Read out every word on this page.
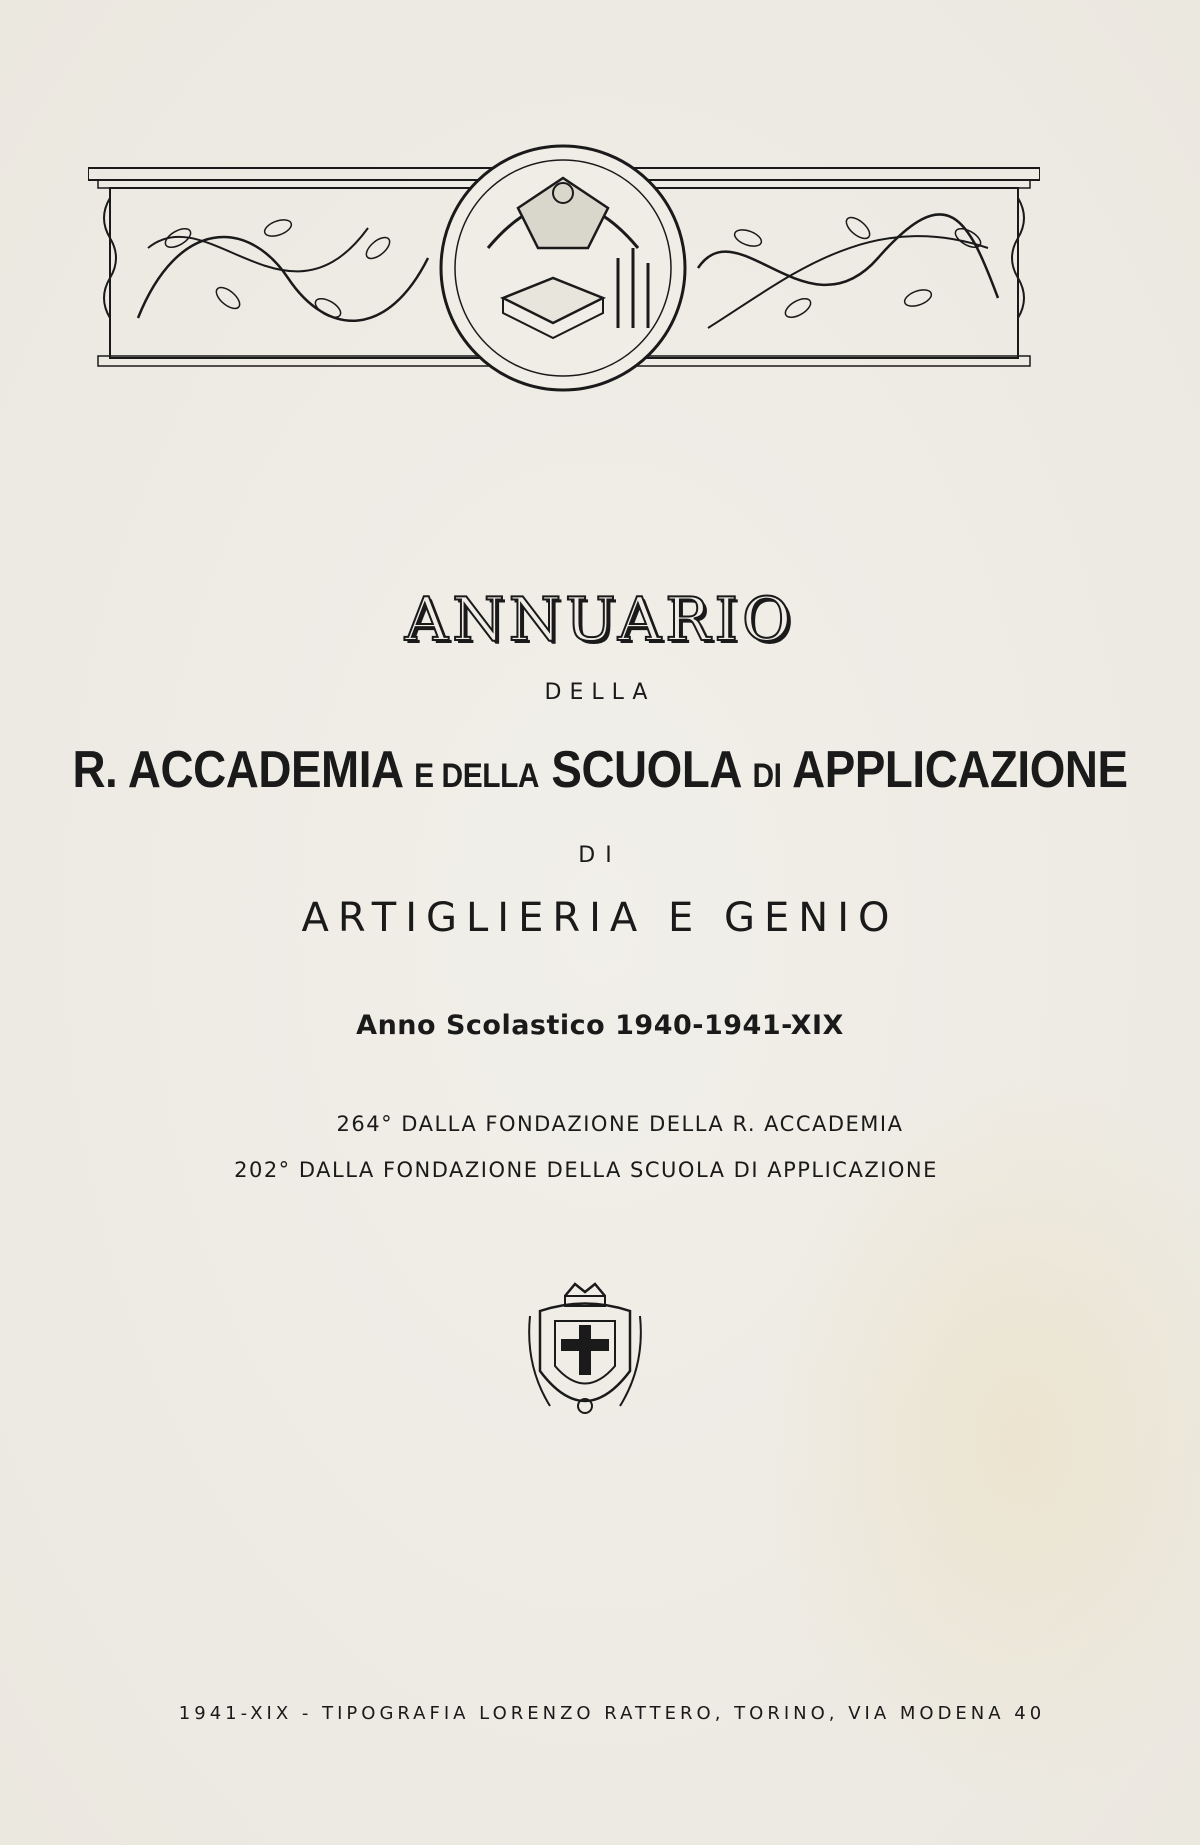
ANNUARIO
DELLA
R. ACCADEMIA E DELLA SCUOLA DI APPLICAZIONE
DI
ARTIGLIERIA E GENIO
Anno Scolastico 1940-1941-XIX
264° DALLA FONDAZIONE DELLA R. ACCADEMIA
202° DALLA FONDAZIONE DELLA SCUOLA DI APPLICAZIONE
1941-XIX - TIPOGRAFIA LORENZO RATTERO, TORINO, VIA MODENA 40
